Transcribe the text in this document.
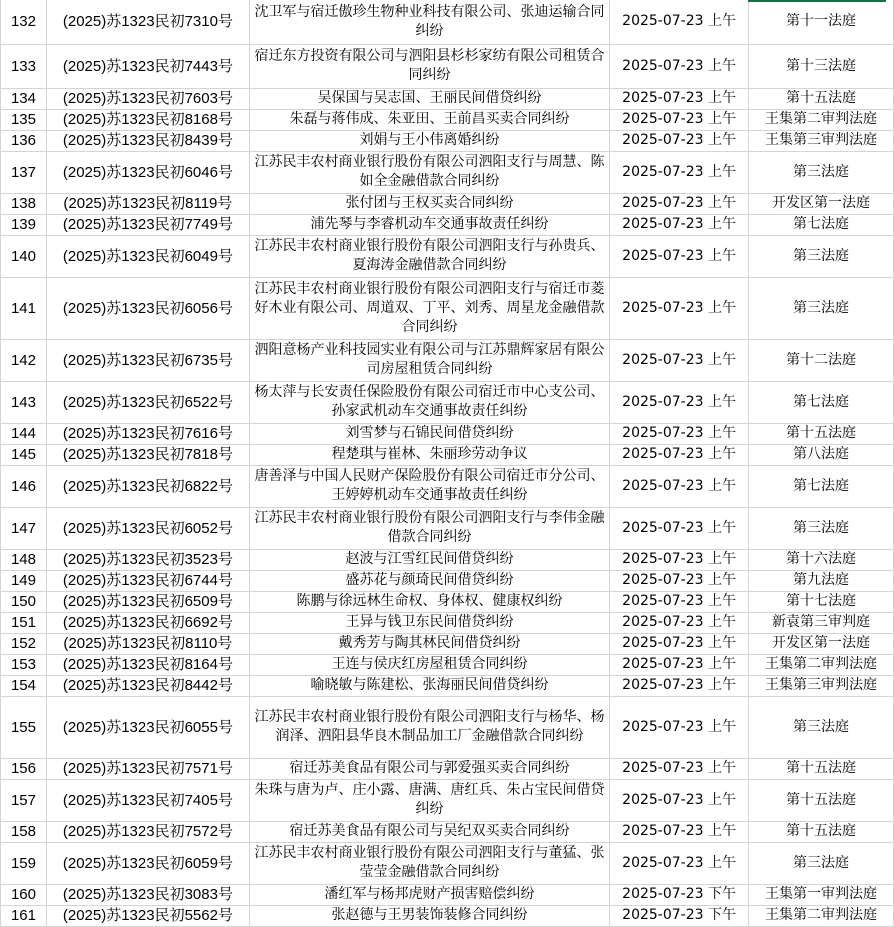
132	(2025)苏1323民初7310号	沈卫军与宿迁傲珍生物种业科技有限公司、张迪运输合同纠纷	2025-07-23 上午	第十一法庭
133	(2025)苏1323民初7443号	宿迁东方投资有限公司与泗阳县杉杉家纺有限公司租赁合同纠纷	2025-07-23 上午	第十三法庭
134	(2025)苏1323民初7603号	吴保国与吴志国、王丽民间借贷纠纷	2025-07-23 上午	第十五法庭
135	(2025)苏1323民初8168号	朱磊与蒋伟成、朱亚田、王前昌买卖合同纠纷	2025-07-23 上午	王集第二审判法庭
136	(2025)苏1323民初8439号	刘娟与王小伟离婚纠纷	2025-07-23 上午	王集第三审判法庭
137	(2025)苏1323民初6046号	江苏民丰农村商业银行股份有限公司泗阳支行与周慧、陈如全金融借款合同纠纷	2025-07-23 上午	第三法庭
138	(2025)苏1323民初8119号	张付团与王权买卖合同纠纷	2025-07-23 上午	开发区第一法庭
139	(2025)苏1323民初7749号	浦先琴与李睿机动车交通事故责任纠纷	2025-07-23 上午	第七法庭
140	(2025)苏1323民初6049号	江苏民丰农村商业银行股份有限公司泗阳支行与孙贵兵、夏海涛金融借款合同纠纷	2025-07-23 上午	第三法庭
141	(2025)苏1323民初6056号	江苏民丰农村商业银行股份有限公司泗阳支行与宿迁市菱好木业有限公司、周道双、丁平、刘秀、周星龙金融借款合同纠纷	2025-07-23 上午	第三法庭
142	(2025)苏1323民初6735号	泗阳意杨产业科技园实业有限公司与江苏鼎辉家居有限公司房屋租赁合同纠纷	2025-07-23 上午	第十二法庭
143	(2025)苏1323民初6522号	杨太萍与长安责任保险股份有限公司宿迁市中心支公司、孙家武机动车交通事故责任纠纷	2025-07-23 上午	第七法庭
144	(2025)苏1323民初7616号	刘雪梦与石锦民间借贷纠纷	2025-07-23 上午	第十五法庭
145	(2025)苏1323民初7818号	程楚琪与崔林、朱丽珍劳动争议	2025-07-23 上午	第八法庭
146	(2025)苏1323民初6822号	唐善泽与中国人民财产保险股份有限公司宿迁市分公司、王婷婷机动车交通事故责任纠纷	2025-07-23 上午	第七法庭
147	(2025)苏1323民初6052号	江苏民丰农村商业银行股份有限公司泗阳支行与李伟金融借款合同纠纷	2025-07-23 上午	第三法庭
148	(2025)苏1323民初3523号	赵波与江雪红民间借贷纠纷	2025-07-23 上午	第十六法庭
149	(2025)苏1323民初6744号	盛苏花与颜琦民间借贷纠纷	2025-07-23 上午	第九法庭
150	(2025)苏1323民初6509号	陈鹏与徐远林生命权、身体权、健康权纠纷	2025-07-23 上午	第十七法庭
151	(2025)苏1323民初6692号	王异与钱卫东民间借贷纠纷	2025-07-23 上午	新袁第三审判庭
152	(2025)苏1323民初8110号	戴秀芳与陶其林民间借贷纠纷	2025-07-23 上午	开发区第一法庭
153	(2025)苏1323民初8164号	王连与侯庆红房屋租赁合同纠纷	2025-07-23 上午	王集第二审判法庭
154	(2025)苏1323民初8442号	喻晓敏与陈建松、张海丽民间借贷纠纷	2025-07-23 上午	王集第三审判法庭
155	(2025)苏1323民初6055号	江苏民丰农村商业银行股份有限公司泗阳支行与杨华、杨润泽、泗阳县华良木制品加工厂金融借款合同纠纷	2025-07-23 上午	第三法庭
156	(2025)苏1323民初7571号	宿迁苏美食品有限公司与郭爱强买卖合同纠纷	2025-07-23 上午	第十五法庭
157	(2025)苏1323民初7405号	朱珠与唐为卢、庄小露、唐满、唐红兵、朱占宝民间借贷纠纷	2025-07-23 上午	第十五法庭
158	(2025)苏1323民初7572号	宿迁苏美食品有限公司与吴纪双买卖合同纠纷	2025-07-23 上午	第十五法庭
159	(2025)苏1323民初6059号	江苏民丰农村商业银行股份有限公司泗阳支行与董猛、张莹莹金融借款合同纠纷	2025-07-23 上午	第三法庭
160	(2025)苏1323民初3083号	潘红军与杨邦虎财产损害赔偿纠纷	2025-07-23 下午	王集第一审判法庭
161	(2025)苏1323民初5562号	张赵德与王男装饰装修合同纠纷	2025-07-23 下午	王集第二审判法庭
